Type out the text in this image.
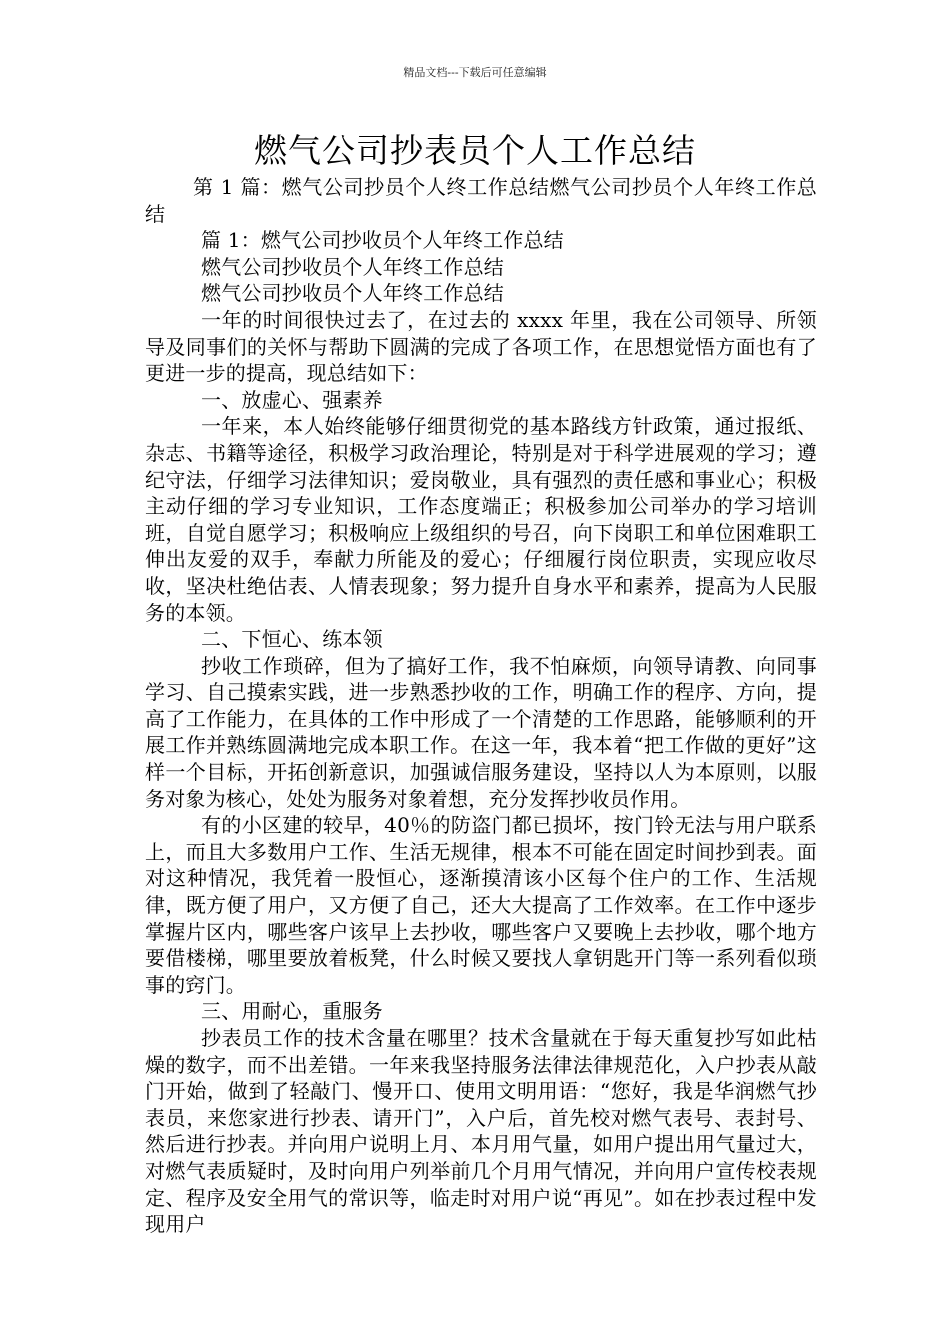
精品文档---下载后可任意编辑
燃气公司抄表员个人工作总结

第 1 篇：燃气公司抄员个人终工作总结燃气公司抄员个人年终工作总结

篇 1：燃气公司抄收员个人年终工作总结

燃气公司抄收员个人年终工作总结

燃气公司抄收员个人年终工作总结

一年的时间很快过去了，在过去的 xxxx 年里，我在公司领导、所领导及同事们的关怀与帮助下圆满的完成了各项工作，在思想觉悟方面也有了更进一步的提高，现总结如下：

一、放虚心、强素养

一年来，本人始终能够仔细贯彻党的基本路线方针政策，通过报纸、杂志、书籍等途径，积极学习政治理论，特别是对于科学进展观的学习；遵纪守法，仔细学习法律知识；爱岗敬业，具有强烈的责任感和事业心；积极主动仔细的学习专业知识，工作态度端正；积极参加公司举办的学习培训班，自觉自愿学习；积极响应上级组织的号召，向下岗职工和单位困难职工伸出友爱的双手，奉献力所能及的爱心；仔细履行岗位职责，实现应收尽收，坚决杜绝估表、人情表现象；努力提升自身水平和素养，提高为人民服务的本领。

二、下恒心、练本领

抄收工作琐碎，但为了搞好工作，我不怕麻烦，向领导请教、向同事学习、自己摸索实践，进一步熟悉抄收的工作，明确工作的程序、方向，提高了工作能力，在具体的工作中形成了一个清楚的工作思路，能够顺利的开展工作并熟练圆满地完成本职工作。在这一年，我本着“把工作做的更好”这样一个目标，开拓创新意识，加强诚信服务建设，坚持以人为本原则，以服务对象为核心，处处为服务对象着想，充分发挥抄收员作用。

有的小区建的较早，40％的防盗门都已损坏，按门铃无法与用户联系上，而且大多数用户工作、生活无规律，根本不可能在固定时间抄到表。面对这种情况，我凭着一股恒心，逐渐摸清该小区每个住户的工作、生活规律，既方便了用户，又方便了自己，还大大提高了工作效率。在工作中逐步掌握片区内，哪些客户该早上去抄收，哪些客户又要晚上去抄收，哪个地方要借楼梯，哪里要放着板凳，什么时候又要找人拿钥匙开门等一系列看似琐事的窍门。

三、用耐心，重服务

抄表员工作的技术含量在哪里？技术含量就在于每天重复抄写如此枯燥的数字，而不出差错。一年来我坚持服务法律法律规范化，入户抄表从敲门开始，做到了轻敲门、慢开口、使用文明用语：“您好，我是华润燃气抄表员，来您家进行抄表、请开门”，入户后，首先校对燃气表号、表封号、然后进行抄表。并向用户说明上月、本月用气量，如用户提出用气量过大，对燃气表质疑时，及时向用户列举前几个月用气情况，并向用户宣传校表规定、程序及安全用气的常识等，临走时对用户说“再见”。如在抄表过程中发现用户
